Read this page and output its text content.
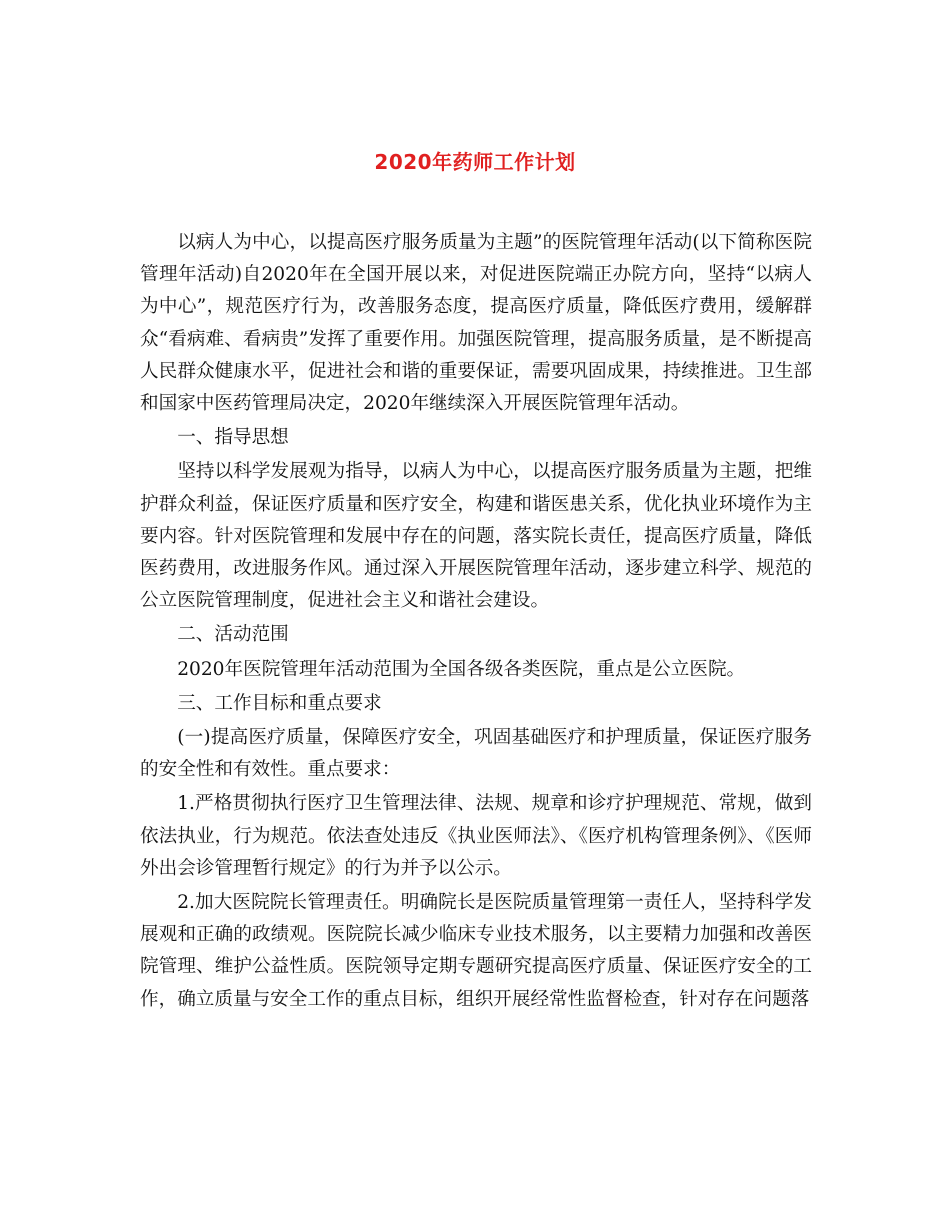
2020年药师工作计划

以病人为中心，以提高医疗服务质量为主题”的医院管理年活动(以下简称医院管理年活动)自2020年在全国开展以来，对促进医院端正办院方向，坚持“以病人为中心”，规范医疗行为，改善服务态度，提高医疗质量，降低医疗费用，缓解群众“看病难、看病贵”发挥了重要作用。加强医院管理，提高服务质量，是不断提高人民群众健康水平，促进社会和谐的重要保证，需要巩固成果，持续推进。卫生部和国家中医药管理局决定，2020年继续深入开展医院管理年活动。

一、指导思想

坚持以科学发展观为指导，以病人为中心，以提高医疗服务质量为主题，把维护群众利益，保证医疗质量和医疗安全，构建和谐医患关系，优化执业环境作为主要内容。针对医院管理和发展中存在的问题，落实院长责任，提高医疗质量，降低医药费用，改进服务作风。通过深入开展医院管理年活动，逐步建立科学、规范的公立医院管理制度，促进社会主义和谐社会建设。

二、活动范围

2020年医院管理年活动范围为全国各级各类医院，重点是公立医院。

三、工作目标和重点要求

(一)提高医疗质量，保障医疗安全，巩固基础医疗和护理质量，保证医疗服务的安全性和有效性。重点要求：

1.严格贯彻执行医疗卫生管理法律、法规、规章和诊疗护理规范、常规，做到依法执业，行为规范。依法查处违反《执业医师法》、《医疗机构管理条例》、《医师外出会诊管理暂行规定》的行为并予以公示。

2.加大医院院长管理责任。明确院长是医院质量管理第一责任人，坚持科学发展观和正确的政绩观。医院院长减少临床专业技术服务，以主要精力加强和改善医院管理、维护公益性质。医院领导定期专题研究提高医疗质量、保证医疗安全的工作，确立质量与安全工作的重点目标，组织开展经常性监督检查，针对存在问题落
